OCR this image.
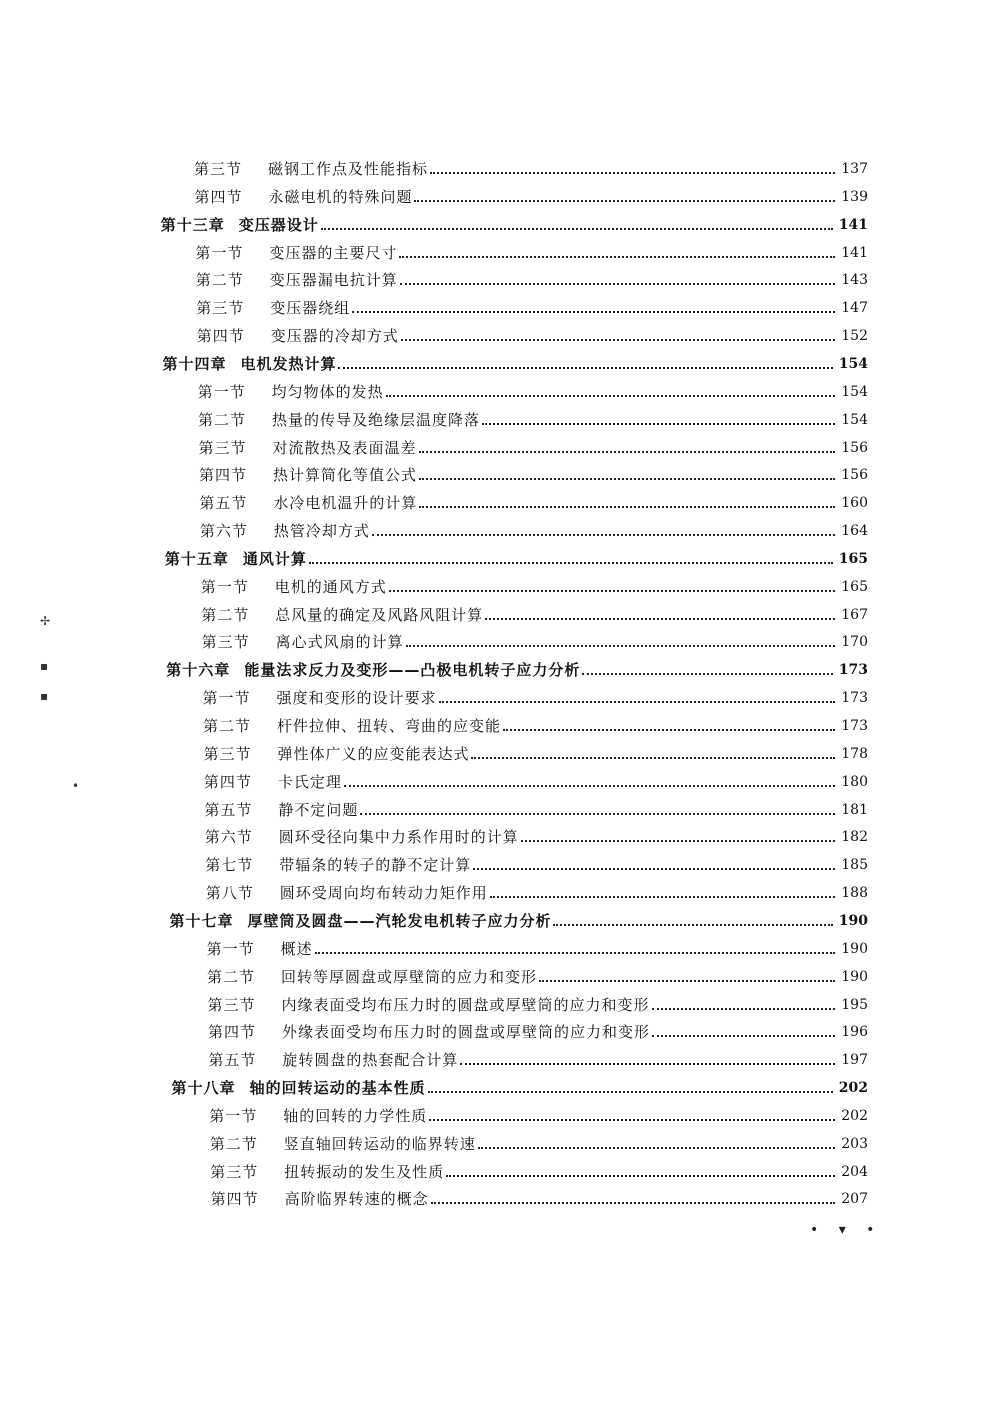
第三节 磁钢工作点及性能指标	137
第四节 永磁电机的特殊问题	139
第十三章 变压器设计	141
第一节 变压器的主要尺寸	141
第二节 变压器漏电抗计算	143
第三节 变压器绕组	147
第四节 变压器的冷却方式	152
第十四章 电机发热计算	154
第一节 均匀物体的发热	154
第二节 热量的传导及绝缘层温度降落	154
第三节 对流散热及表面温差	156
第四节 热计算简化等值公式	156
第五节 水冷电机温升的计算	160
第六节 热管冷却方式	164
第十五章 通风计算	165
第一节 电机的通风方式	165
第二节 总风量的确定及风路风阻计算	167
第三节 离心式风扇的计算	170
第十六章 能量法求反力及变形——凸极电机转子应力分析	173
第一节 强度和变形的设计要求	173
第二节 杆件拉伸、扭转、弯曲的应变能	173
第三节 弹性体广义的应变能表达式	178
第四节 卡氏定理	180
第五节 静不定问题	181
第六节 圆环受径向集中力系作用时的计算	182
第七节 带辐条的转子的静不定计算	185
第八节 圆环受周向均布转动力矩作用	188
第十七章 厚壁筒及圆盘——汽轮发电机转子应力分析	190
第一节 概述	190
第二节 回转等厚圆盘或厚壁筒的应力和变形	190
第三节 内缘表面受均布压力时的圆盘或厚壁筒的应力和变形	195
第四节 外缘表面受均布压力时的圆盘或厚壁筒的应力和变形	196
第五节 旋转圆盘的热套配合计算	197
第十八章 轴的回转运动的基本性质	202
第一节 轴的回转的力学性质	202
第二节 竖直轴回转运动的临界转速	203
第三节 扭转振动的发生及性质	204
第四节 高阶临界转速的概念	207
✢
▪
▪
•
• ▾ •
